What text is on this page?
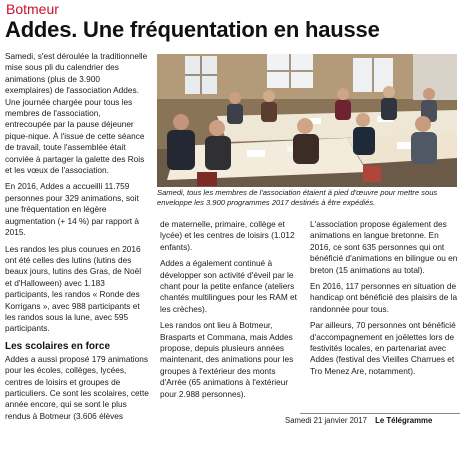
Botmeur
Addes. Une fréquentation en hausse

Samedi, s'est déroulée la traditionnelle mise sous pli du calendrier des animations (plus de 3.900 exemplaires) de l'association Addes. Une journée chargée pour tous les membres de l'association, entrecoupée par la pause déjeuner pique-nique. À l'issue de cette séance de travail, toute l'assemblée était conviée à partager la galette des Rois et les vœux de l'association.

En 2016, Addes a accueilli 11.759 personnes pour 329 animations, soit une fréquentation en légère augmentation (+ 14 %) par rapport à 2015.

Les randos les plus courues en 2016 ont été celles des lutins (lutins des beaux jours, lutins des Gras, de Noël et d'Halloween) avec 1.183 participants, les randos « Ronde des Korrigans », avec 988 participants et les randos sous la lune, avec 595 participants.

Les scolaires en force

Addes a aussi proposé 179 animations pour les écoles, collèges, lycées, centres de loisirs et groupes de particuliers. Ce sont les scolaires, cette année encore, qui se sont le plus rendus à Botmeur (3.606 élèves

Samedi, tous les membres de l'association étaient à pied d'œuvre pour mettre sous enveloppe les 3.900 programmes 2017 destinés à être expédiés.

de maternelle, primaire, collège et lycée) et les centres de loisirs (1.012 enfants).

Addes a également continué à développer son activité d'éveil par le chant pour la petite enfance (ateliers chantés multilingues pour les RAM et les crèches).

Les randos ont lieu à Botmeur, Brasparts et Commana, mais Addes propose, depuis plusieurs années maintenant, des animations pour les groupes à l'extérieur des monts d'Arrée (65 animations à l'extérieur pour 2.988 personnes).

L'association propose également des animations en langue bretonne. En 2016, ce sont 635 personnes qui ont bénéficié d'animations en bilingue ou en breton (15 animations au total).

En 2016, 117 personnes en situation de handicap ont bénéficié des plaisirs de la randonnée pour tous.

Par ailleurs, 70 personnes ont bénéficié d'accompagnement en joëlettes lors de festivités locales, en partenariat avec Addes (festival des Vieilles Charrues et Tro Menez Are, notamment).

Samedi 21 janvier 2017 Le Télégramme
